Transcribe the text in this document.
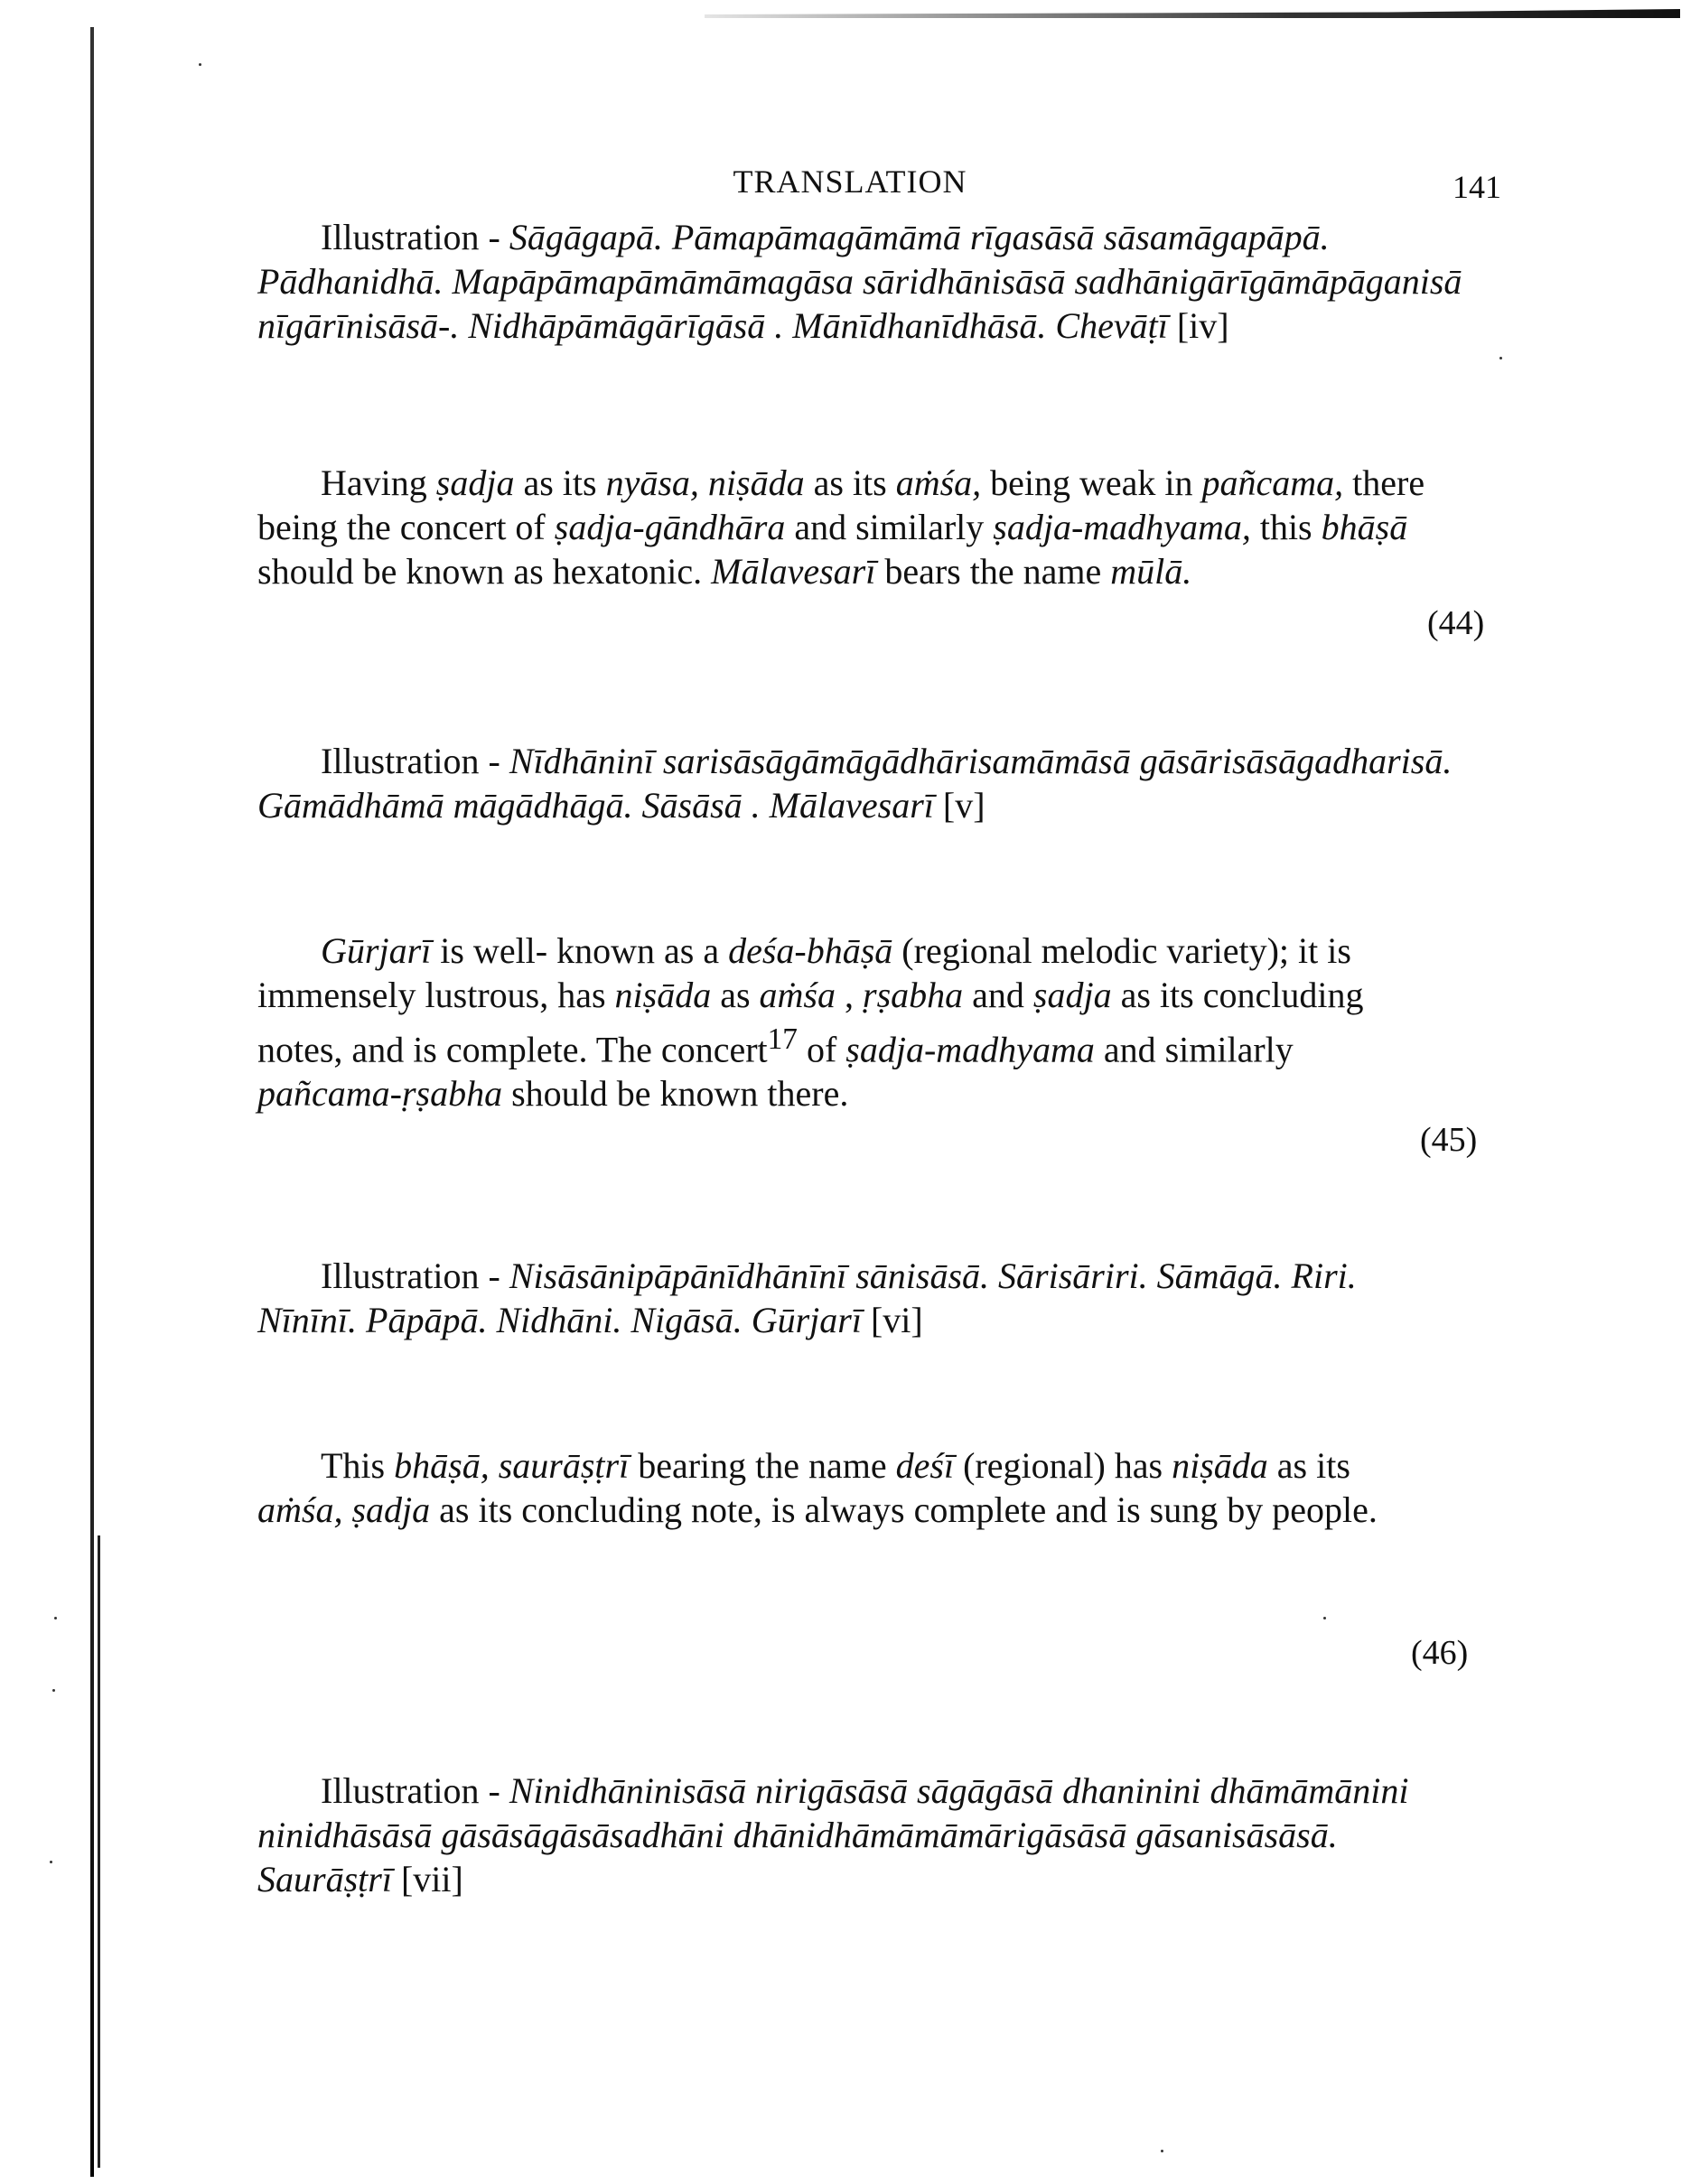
TRANSLATION	141
Illustration - Sāgāgapā. Pāmapāmagāmāmā rīgasāsā sāsamāgapāpā.
Pādhanidhā. Mapāpāmapāmāmāmagāsa sāridhānisāsā sadhānigārīgāmāpāganisā
nīgārīnisāsā-. Nidhāpāmāgārīgāsā . Mānīdhanīdhāsā. Chevāṭī [iv]
Having ṣadja as its nyāsa, niṣāda as its aṁśa, being weak in pañcama, there
being the concert of ṣadja-gāndhāra and similarly ṣadja-madhyama, this bhāṣā
should be known as hexatonic. Mālavesarī bears the name mūlā.
(44)
Illustration - Nīdhāninī sarisāsāgāmāgādhārisamāmāsā gāsārisāsāgadharisā.
Gāmādhāmā māgādhāgā. Sāsāsā . Mālavesarī [v]
Gūrjarī is well- known as a deśa-bhāṣā (regional melodic variety); it is
immensely lustrous, has niṣāda as aṁśa , ṛṣabha and ṣadja as its concluding
notes, and is complete. The concert$^{17}$ of ṣadja-madhyama and similarly
pañcama-ṛṣabha should be known there.
(45)
Illustration - Nisāsānipāpānīdhānīnī sānisāsā. Sārisāriri. Sāmāgā. Riri.
Nīnīnī. Pāpāpā. Nidhāni. Nigāsā. Gūrjarī [vi]
This bhāṣā, saurāṣṭrī bearing the name deśī (regional) has niṣāda as its
aṁśa, ṣadja as its concluding note, is always complete and is sung by people.
(46)
Illustration - Ninidhāninisāsā nirigāsāsā sāgāgāsā dhaninini dhāmāmānini
ninidhāsāsā gāsāsāgāsāsadhāni dhānidhāmāmāmārigāsāsā gāsanisāsāsā.
Saurāṣṭrī [vii]
